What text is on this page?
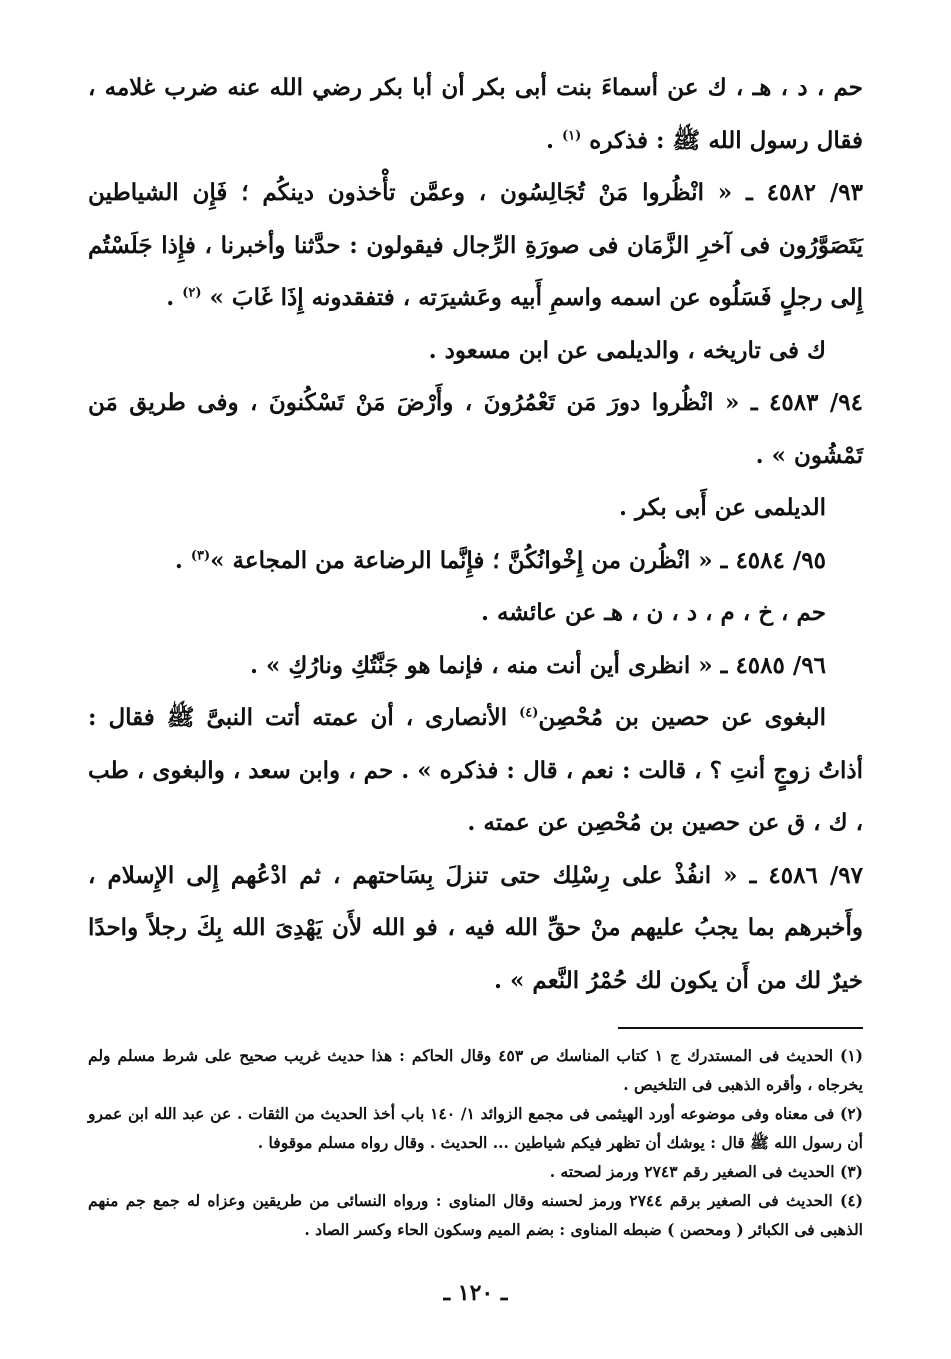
حم ، د ، هـ ، ك عن أسماءَ بنت أبى بكر أن أبا بكر رضي الله عنه ضرب غلامه ، فقال رسول الله ﷺ : فذكره $^{(١)}$ .

٩٣/ ٤٥٨٢ ـ « انْظُروا مَنْ تُجَالِسُون ، وعمَّن تأْخذون دينكُم ؛ فَإِن الشياطين يَتَصَوَّرُون فى آخرِ الزَّمَان فى صورَةِ الرِّجال فيقولون : حدَّثنا وأخبرنا ، فإِذا جَلَسْتُم إِلى رجلٍ فَسَلُوه عن اسمه واسمِ أَبيه وعَشيرَته ، فتفقدونه إِذَا غَابَ » $^{(٢)}$ .

ك فى تاريخه ، والديلمى عن ابن مسعود .

٩٤/ ٤٥٨٣ ـ « انْظُروا دورَ مَن تَعْمُرُونَ ، وأَرْضَ مَنْ تَسْكُنونَ ، وفى طريق مَن تَمْشُون » .

الديلمى عن أَبى بكر .

٩٥/ ٤٥٨٤ ـ « انْظُرن من إِخْوانُكُنَّ ؛ فإِنَّما الرضاعة من المجاعة »$^{(٣)}$ .

حم ، خ ، م ، د ، ن ، هـ عن عائشه .

٩٦/ ٤٥٨٥ ـ « انظرى أين أنت منه ، فإنما هو جَنَّتُكِ ونارُكِ » .

البغوى عن حصين بن مُحْصِن$^{(٤)}$ الأنصارى ، أن عمته أتت النبىَّ ﷺ فقال : أذاتُ زوجٍ أنتِ ؟ ، قالت : نعم ، قال : فذكره » . حم ، وابن سعد ، والبغوى ، طب ، ك ، ق عن حصين بن مُحْصِن عن عمته .

٩٧/ ٤٥٨٦ ـ « انفُذْ على رِسْلِك حتى تنزلَ بِسَاحتهم ، ثم ادْعُهم إِلى الإِسلام ، وأَخبرهم بما يجبُ عليهم منْ حقِّ الله فيه ، فو الله لأَن يَهْدِىَ الله بِكَ رجلاً واحدًا خيرٌ لك من أَن يكون لك حُمْرُ النَّعم » .

(١) الحديث فى المستدرك ج ١ كتاب المناسك ص ٤٥٣ وقال الحاكم : هذا حديث غريب صحيح على شرط مسلم ولم يخرجاه ، وأقره الذهبى فى التلخيص .

(٢) فى معناه وفى موضوعه أورد الهيثمى فى مجمع الزوائد ١/ ١٤٠ باب أخذ الحديث من الثقات . عن عبد الله ابن عمرو أن رسول الله ﷺ قال : يوشك أن تظهر فيكم شياطين ... الحديث . وقال رواه مسلم موقوفا .

(٣) الحديث فى الصغير رقم ٢٧٤٣ ورمز لصحته .

(٤) الحديث فى الصغير برقم ٢٧٤٤ ورمز لحسنه وقال المناوى : ورواه النسائى من طريقين وعزاه له جمع جم منهم الذهبى فى الكبائر ( ومحصن ) ضبطه المناوى : بضم الميم وسكون الحاء وكسر الصاد .

ـ ١٢٠ ـ
